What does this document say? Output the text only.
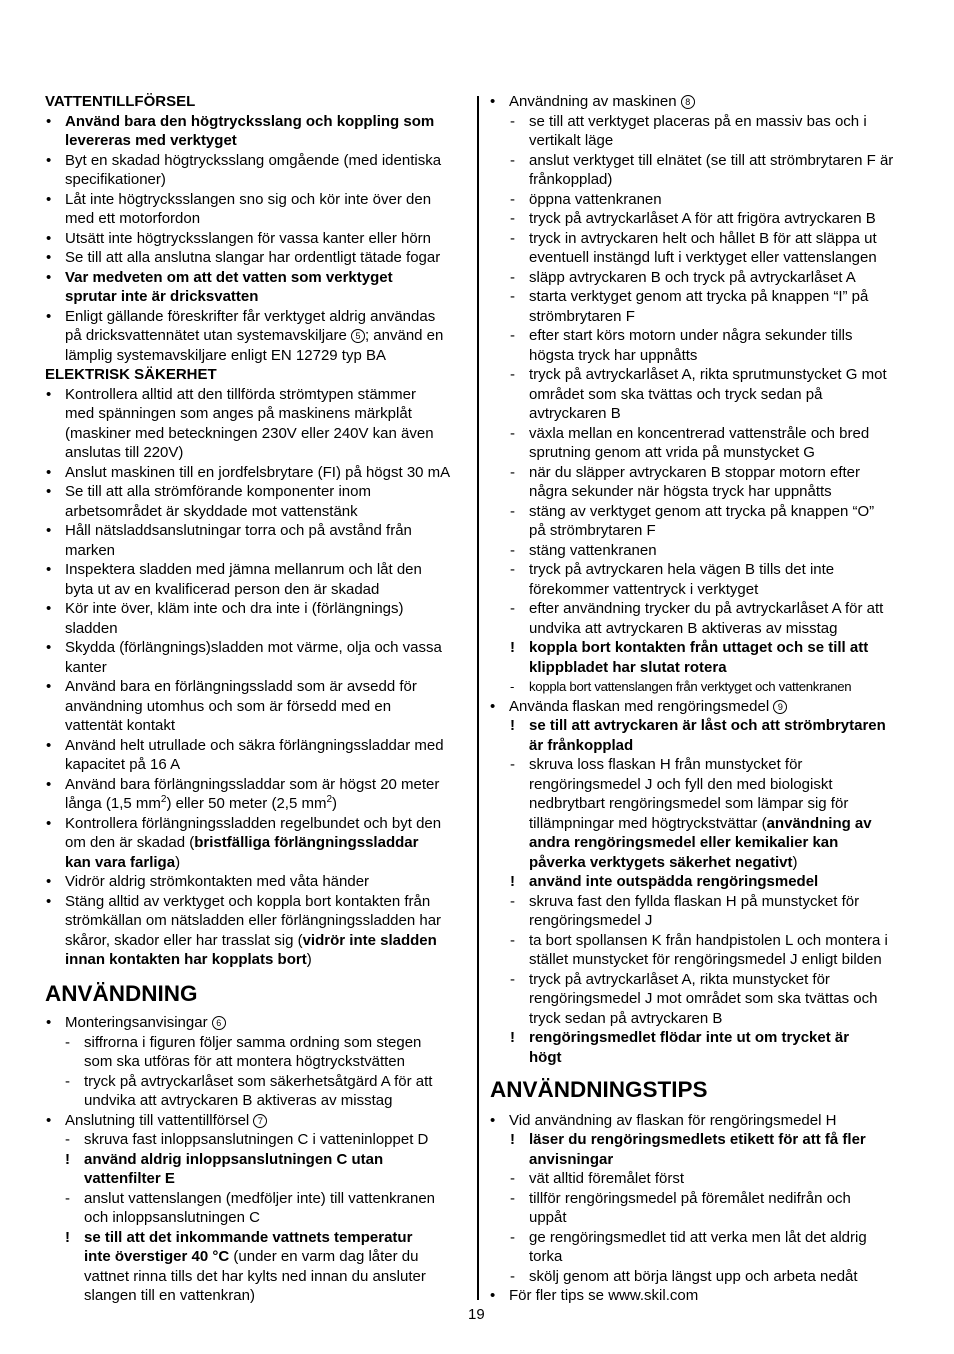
VATTENTILLFÖRSEL
• Använd bara den högtrycksslang och koppling som
levereras med verktyget
• Byt en skadad högtrycksslang omgående (med identiska
specifikationer)
• Låt inte högtrycksslangen sno sig och kör inte över den
med ett motorfordon
• Utsätt inte högtrycksslangen för vassa kanter eller hörn
• Se till att alla anslutna slangar har ordentligt tätade fogar
• Var medveten om att det vatten som verktyget
sprutar inte är dricksvatten
• Enligt gällande föreskrifter får verktyget aldrig användas
på dricksvattennätet utan systemavskiljare 5 ; använd en
lämplig systemavskiljare enligt EN 12729 typ BA
ELEKTRISK SÄKERHET
• Kontrollera alltid att den tillförda strömtypen stämmer
med spänningen som anges på maskinens märkplåt
(maskiner med beteckningen 230V eller 240V kan även
anslutas till 220V)
• Anslut maskinen till en jordfelsbrytare (FI) på högst 30 mA
• Se till att alla strömförande komponenter inom
arbetsområdet är skyddade mot vattenstänk
• Håll nätsladdsanslutningar torra och på avstånd från
marken
• Inspektera sladden med jämna mellanrum och låt den
byta ut av en kvalificerad person den är skadad
• Kör inte över, kläm inte och dra inte i (förlängnings)
sladden
• Skydda (förlängnings)sladden mot värme, olja och vassa
kanter
• Använd bara en förlängningssladd som är avsedd för
användning utomhus och som är försedd med en
vattentät kontakt
• Använd helt utrullade och säkra förlängningssladdar med
kapacitet på 16 A
• Använd bara förlängningssladdar som är högst 20 meter
långa (1,5 $mm^2$) eller 50 meter (2,5 $mm^2$)
• Kontrollera förlängningssladden regelbundet och byt den
om den är skadad (bristfälliga förlängningssladdar
kan vara farliga)
• Vidrör aldrig strömkontakten med våta händer
• Stäng alltid av verktyget och koppla bort kontakten från
strömkällan om nätsladden eller förlängningssladden har
skåror, skador eller har trasslat sig (vidrör inte sladden
innan kontakten har kopplats bort)
ANVÄNDNING
• Monteringsanvisingar 6
- siffrorna i figuren följer samma ordning som stegen
som ska utföras för att montera högtryckstvätten
- tryck på avtryckarlåset som säkerhetsåtgärd A för att
undvika att avtryckaren B aktiveras av misstag
• Anslutning till vattentillförsel 7
- skruva fast inloppsanslutningen C i vatteninloppet D
! använd aldrig inloppsanslutningen C utan
vattenfilter E
- anslut vattenslangen (medföljer inte) till vattenkranen
och inloppsanslutningen C
! se till att det inkommande vattnets temperatur
inte överstiger 40 °C (under en varm dag låter du
vattnet rinna tills det har kylts ned innan du ansluter
slangen till en vattenkran)
• Användning av maskinen 8
- se till att verktyget placeras på en massiv bas och i
vertikalt läge
- anslut verktyget till elnätet (se till att strömbrytaren F är
frånkopplad)
- öppna vattenkranen
- tryck på avtryckarlåset A för att frigöra avtryckaren B
- tryck in avtryckaren helt och hållet B för att släppa ut
eventuell instängd luft i verktyget eller vattenslangen
- släpp avtryckaren B och tryck på avtryckarlåset A
- starta verktyget genom att trycka på knappen “I” på
strömbrytaren F
- efter start körs motorn under några sekunder tills
högsta tryck har uppnåtts
- tryck på avtryckarlåset A, rikta sprutmunstycket G mot
området som ska tvättas och tryck sedan på
avtryckaren B
- växla mellan en koncentrerad vattenstråle och bred
sprutning genom att vrida på munstycket G
- när du släpper avtryckaren B stoppar motorn efter
några sekunder när högsta tryck har uppnåtts
- stäng av verktyget genom att trycka på knappen “O”
på strömbrytaren F
- stäng vattenkranen
- tryck på avtryckaren hela vägen B tills det inte
förekommer vattentryck i verktyget
- efter användning trycker du på avtryckarlåset A för att
undvika att avtryckaren B aktiveras av misstag
! koppla bort kontakten från uttaget och se till att
klippbladet har slutat rotera
- koppla bort vattenslangen från verktyget och vattenkranen
• Använda flaskan med rengöringsmedel 9
! se till att avtryckaren är låst och att strömbrytaren
är frånkopplad
- skruva loss flaskan H från munstycket för
rengöringsmedel J och fyll den med biologiskt
nedbrytbart rengöringsmedel som lämpar sig för
tillämpningar med högtryckstvättar (användning av
andra rengöringsmedel eller kemikalier kan
påverka verktygets säkerhet negativt)
! använd inte outspädda rengöringsmedel
- skruva fast den fyllda flaskan H på munstycket för
rengöringsmedel J
- ta bort spollansen K från handpistolen L och montera i
stället munstycket för rengöringsmedel J enligt bilden
- tryck på avtryckarlåset A, rikta munstycket för
rengöringsmedel J mot området som ska tvättas och
tryck sedan på avtryckaren B
! rengöringsmedlet flödar inte ut om trycket är
högt
ANVÄNDNINGSTIPS
• Vid användning av flaskan för rengöringsmedel H
! läser du rengöringsmedlets etikett för att få fler
anvisningar
- vät alltid föremålet först
- tillför rengöringsmedel på föremålet nedifrån och
uppåt
- ge rengöringsmedlet tid att verka men låt det aldrig
torka
- skölj genom att börja längst upp och arbeta nedåt
• För fler tips se www.skil.com
19
